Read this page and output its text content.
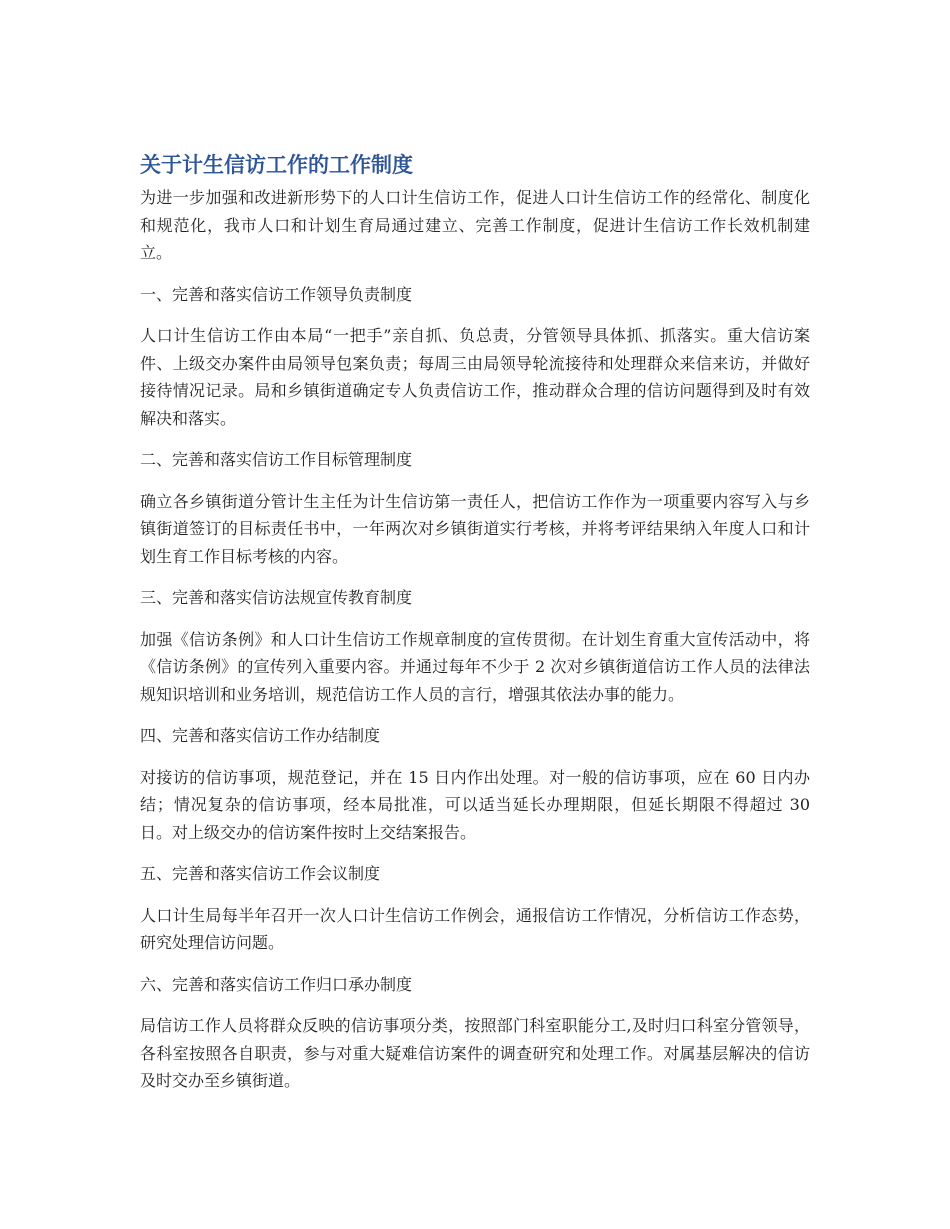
关于计生信访工作的工作制度

为进一步加强和改进新形势下的人口计生信访工作，促进人口计生信访工作的经常化、制度化和规范化，我市人口和计划生育局通过建立、完善工作制度，促进计生信访工作长效机制建立。

一、完善和落实信访工作领导负责制度

人口计生信访工作由本局“一把手”亲自抓、负总责，分管领导具体抓、抓落实。重大信访案件、上级交办案件由局领导包案负责；每周三由局领导轮流接待和处理群众来信来访，并做好接待情况记录。局和乡镇街道确定专人负责信访工作，推动群众合理的信访问题得到及时有效解决和落实。

二、完善和落实信访工作目标管理制度

确立各乡镇街道分管计生主任为计生信访第一责任人，把信访工作作为一项重要内容写入与乡镇街道签订的目标责任书中，一年两次对乡镇街道实行考核，并将考评结果纳入年度人口和计划生育工作目标考核的内容。

三、完善和落实信访法规宣传教育制度

加强《信访条例》和人口计生信访工作规章制度的宣传贯彻。在计划生育重大宣传活动中，将《信访条例》的宣传列入重要内容。并通过每年不少于 2 次对乡镇街道信访工作人员的法律法规知识培训和业务培训，规范信访工作人员的言行，增强其依法办事的能力。

四、完善和落实信访工作办结制度

对接访的信访事项，规范登记，并在 15 日内作出处理。对一般的信访事项，应在 60 日内办结；情况复杂的信访事项，经本局批准，可以适当延长办理期限，但延长期限不得超过 30 日。对上级交办的信访案件按时上交结案报告。

五、完善和落实信访工作会议制度

人口计生局每半年召开一次人口计生信访工作例会，通报信访工作情况，分析信访工作态势，研究处理信访问题。

六、完善和落实信访工作归口承办制度

局信访工作人员将群众反映的信访事项分类，按照部门科室职能分工,及时归口科室分管领导，各科室按照各自职责，参与对重大疑难信访案件的调查研究和处理工作。对属基层解决的信访及时交办至乡镇街道。
